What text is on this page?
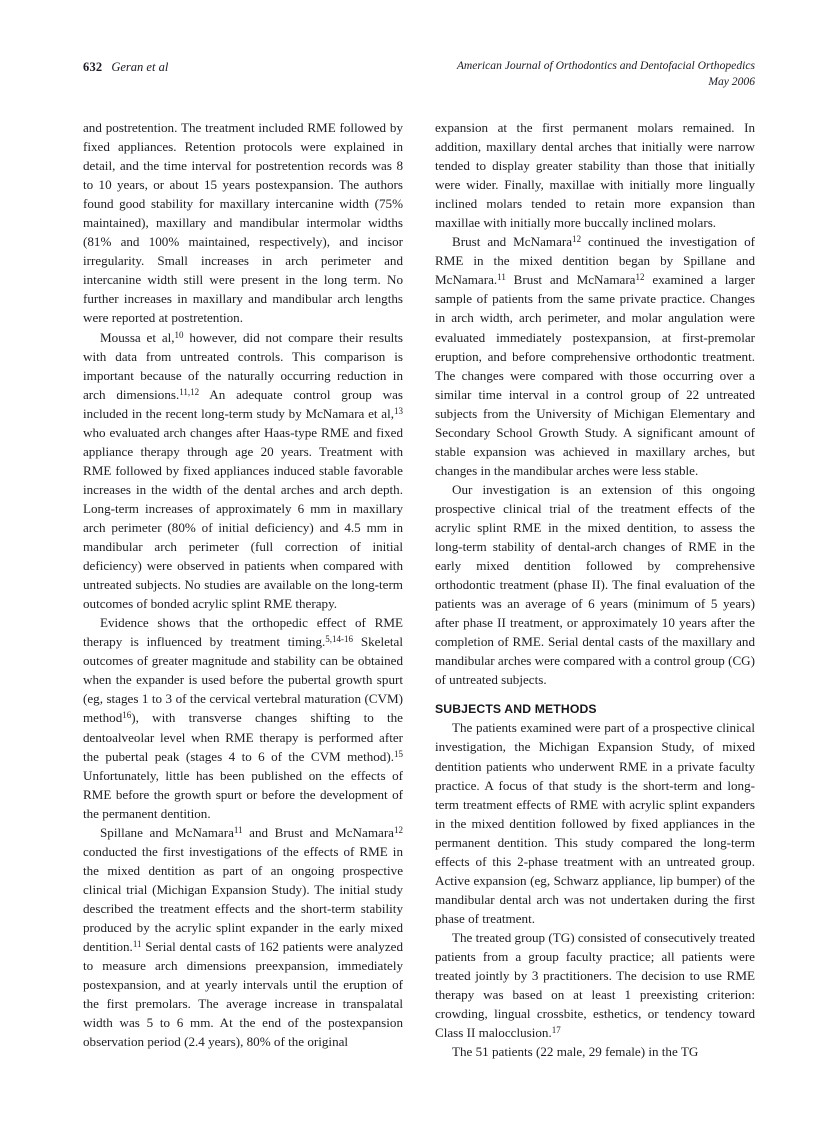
632 Geran et al	American Journal of Orthodontics and Dentofacial Orthopedics
May 2006

and postretention. The treatment included RME followed by fixed appliances. Retention protocols were explained in detail, and the time interval for postretention records was 8 to 10 years, or about 15 years postexpansion. The authors found good stability for maxillary intercanine width (75% maintained), maxillary and mandibular intermolar widths (81% and 100% maintained, respectively), and incisor irregularity. Small increases in arch perimeter and intercanine width still were present in the long term. No further increases in maxillary and mandibular arch lengths were reported at postretention.

Moussa et al,$^{10}$ however, did not compare their results with data from untreated controls. This comparison is important because of the naturally occurring reduction in arch dimensions.$^{11,12}$ An adequate control group was included in the recent long-term study by McNamara et al,$^{13}$ who evaluated arch changes after Haas-type RME and fixed appliance therapy through age 20 years. Treatment with RME followed by fixed appliances induced stable favorable increases in the width of the dental arches and arch depth. Long-term increases of approximately 6 mm in maxillary arch perimeter (80% of initial deficiency) and 4.5 mm in mandibular arch perimeter (full correction of initial deficiency) were observed in patients when compared with untreated subjects. No studies are available on the long-term outcomes of bonded acrylic splint RME therapy.

Evidence shows that the orthopedic effect of RME therapy is influenced by treatment timing.$^{5,14-16}$ Skeletal outcomes of greater magnitude and stability can be obtained when the expander is used before the pubertal growth spurt (eg, stages 1 to 3 of the cervical vertebral maturation (CVM) method$^{16}$), with transverse changes shifting to the dentoalveolar level when RME therapy is performed after the pubertal peak (stages 4 to 6 of the CVM method).$^{15}$ Unfortunately, little has been published on the effects of RME before the growth spurt or before the development of the permanent dentition.

Spillane and McNamara$^{11}$ and Brust and McNamara$^{12}$ conducted the first investigations of the effects of RME in the mixed dentition as part of an ongoing prospective clinical trial (Michigan Expansion Study). The initial study described the treatment effects and the short-term stability produced by the acrylic splint expander in the early mixed dentition.$^{11}$ Serial dental casts of 162 patients were analyzed to measure arch dimensions preexpansion, immediately postexpansion, and at yearly intervals until the eruption of the first premolars. The average increase in transpalatal width was 5 to 6 mm. At the end of the postexpansion observation period (2.4 years), 80% of the original

expansion at the first permanent molars remained. In addition, maxillary dental arches that initially were narrow tended to display greater stability than those that initially were wider. Finally, maxillae with initially more lingually inclined molars tended to retain more expansion than maxillae with initially more buccally inclined molars.

Brust and McNamara$^{12}$ continued the investigation of RME in the mixed dentition began by Spillane and McNamara.$^{11}$ Brust and McNamara$^{12}$ examined a larger sample of patients from the same private practice. Changes in arch width, arch perimeter, and molar angulation were evaluated immediately postexpansion, at first-premolar eruption, and before comprehensive orthodontic treatment. The changes were compared with those occurring over a similar time interval in a control group of 22 untreated subjects from the University of Michigan Elementary and Secondary School Growth Study. A significant amount of stable expansion was achieved in maxillary arches, but changes in the mandibular arches were less stable.

Our investigation is an extension of this ongoing prospective clinical trial of the treatment effects of the acrylic splint RME in the mixed dentition, to assess the long-term stability of dental-arch changes of RME in the early mixed dentition followed by comprehensive orthodontic treatment (phase II). The final evaluation of the patients was an average of 6 years (minimum of 5 years) after phase II treatment, or approximately 10 years after the completion of RME. Serial dental casts of the maxillary and mandibular arches were compared with a control group (CG) of untreated subjects.

SUBJECTS AND METHODS

The patients examined were part of a prospective clinical investigation, the Michigan Expansion Study, of mixed dentition patients who underwent RME in a private faculty practice. A focus of that study is the short-term and long-term treatment effects of RME with acrylic splint expanders in the mixed dentition followed by fixed appliances in the permanent dentition. This study compared the long-term effects of this 2-phase treatment with an untreated group. Active expansion (eg, Schwarz appliance, lip bumper) of the mandibular dental arch was not undertaken during the first phase of treatment.

The treated group (TG) consisted of consecutively treated patients from a group faculty practice; all patients were treated jointly by 3 practitioners. The decision to use RME therapy was based on at least 1 preexisting criterion: crowding, lingual crossbite, esthetics, or tendency toward Class II malocclusion.$^{17}$

The 51 patients (22 male, 29 female) in the TG
